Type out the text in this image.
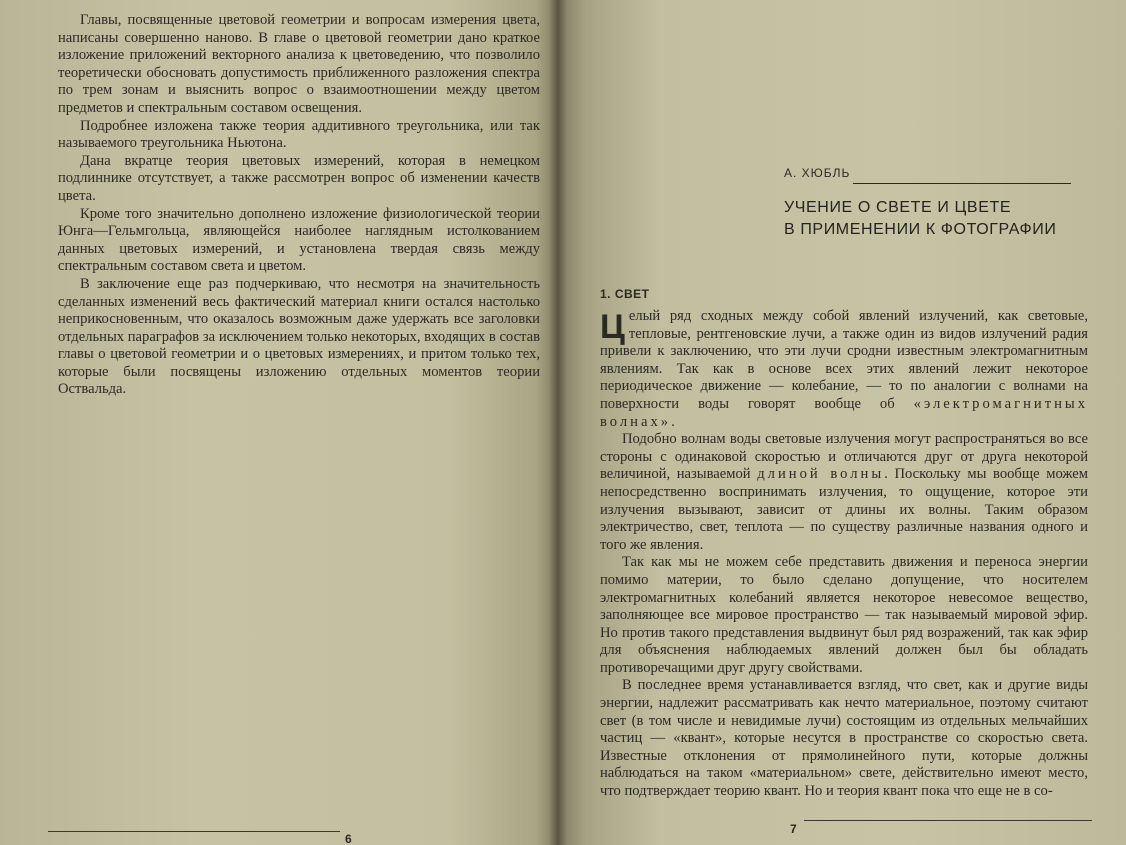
Главы, посвященные цветовой геометрии и вопросам измерения цвета, написаны совершенно наново. В главе о цветовой геометрии дано краткое изложение приложений векторного анализа к цветоведению, что позволило теоретически обосновать допустимость приближенного разложения спектра по трем зонам и выяснить вопрос о взаимоотношении между цветом предметов и спектральным составом освещения.

Подробнее изложена также теория аддитивного треугольника, или так называемого треугольника Ньютона.

Дана вкратце теория цветовых измерений, которая в немецком подлиннике отсутствует, а также рассмотрен вопрос об изменении качеств цвета.

Кроме того значительно дополнено изложение физиологической теории Юнга—Гельмгольца, являющейся наиболее наглядным истолкованием данных цветовых измерений, и установлена твердая связь между спектральным составом света и цветом.

В заключение еще раз подчеркиваю, что несмотря на значительность сделанных изменений весь фактический материал книги остался настолько неприкосновенным, что оказалось возможным даже удержать все заголовки отдельных параграфов за исключением только некоторых, входящих в состав главы о цветовой геометрии и о цветовых измерениях, и притом только тех, которые были посвящены изложению отдельных моментов теории Оствальда.

6
А. ХЮБЛЬ
УЧЕНИЕ О СВЕТЕ И ЦВЕТЕ
В ПРИМЕНЕНИИ К ФОТОГРАФИИ
1. СВЕТ

Целый ряд сходных между собой явлений излучений, как световые, тепловые, рентгеновские лучи, а также один из видов излучений радия привели к заключению, что эти лучи сродни известным электромагнитным явлениям. Так как в основе всех этих явлений лежит некоторое периодическое движение — колебание, — то по аналогии с волнами на поверхности воды говорят вообще об «электромагнитных волнах».

Подобно волнам воды световые излучения могут распространяться во все стороны с одинаковой скоростью и отличаются друг от друга некоторой величиной, называемой длиной волны. Поскольку мы вообще можем непосредственно воспринимать излучения, то ощущение, которое эти излучения вызывают, зависит от длины их волны. Таким образом электричество, свет, теплота — по существу различные названия одного и того же явления.

Так как мы не можем себе представить движения и переноса энергии помимо материи, то было сделано допущение, что носителем электромагнитных колебаний является некоторое невесомое вещество, заполняющее все мировое пространство — так называемый мировой эфир. Но против такого представления выдвинут был ряд возражений, так как эфир для объяснения наблюдаемых явлений должен был бы обладать противоречащими друг другу свойствами.

В последнее время устанавливается взгляд, что свет, как и другие виды энергии, надлежит рассматривать как нечто материальное, поэтому считают свет (в том числе и невидимые лучи) состоящим из отдельных мельчайших частиц — «квант», которые несутся в пространстве со скоростью света. Известные отклонения от прямолинейного пути, которые должны наблюдаться на таком «материальном» свете, действительно имеют место, что подтверждает теорию квант. Но и теория квант пока что еще не в со-

7
